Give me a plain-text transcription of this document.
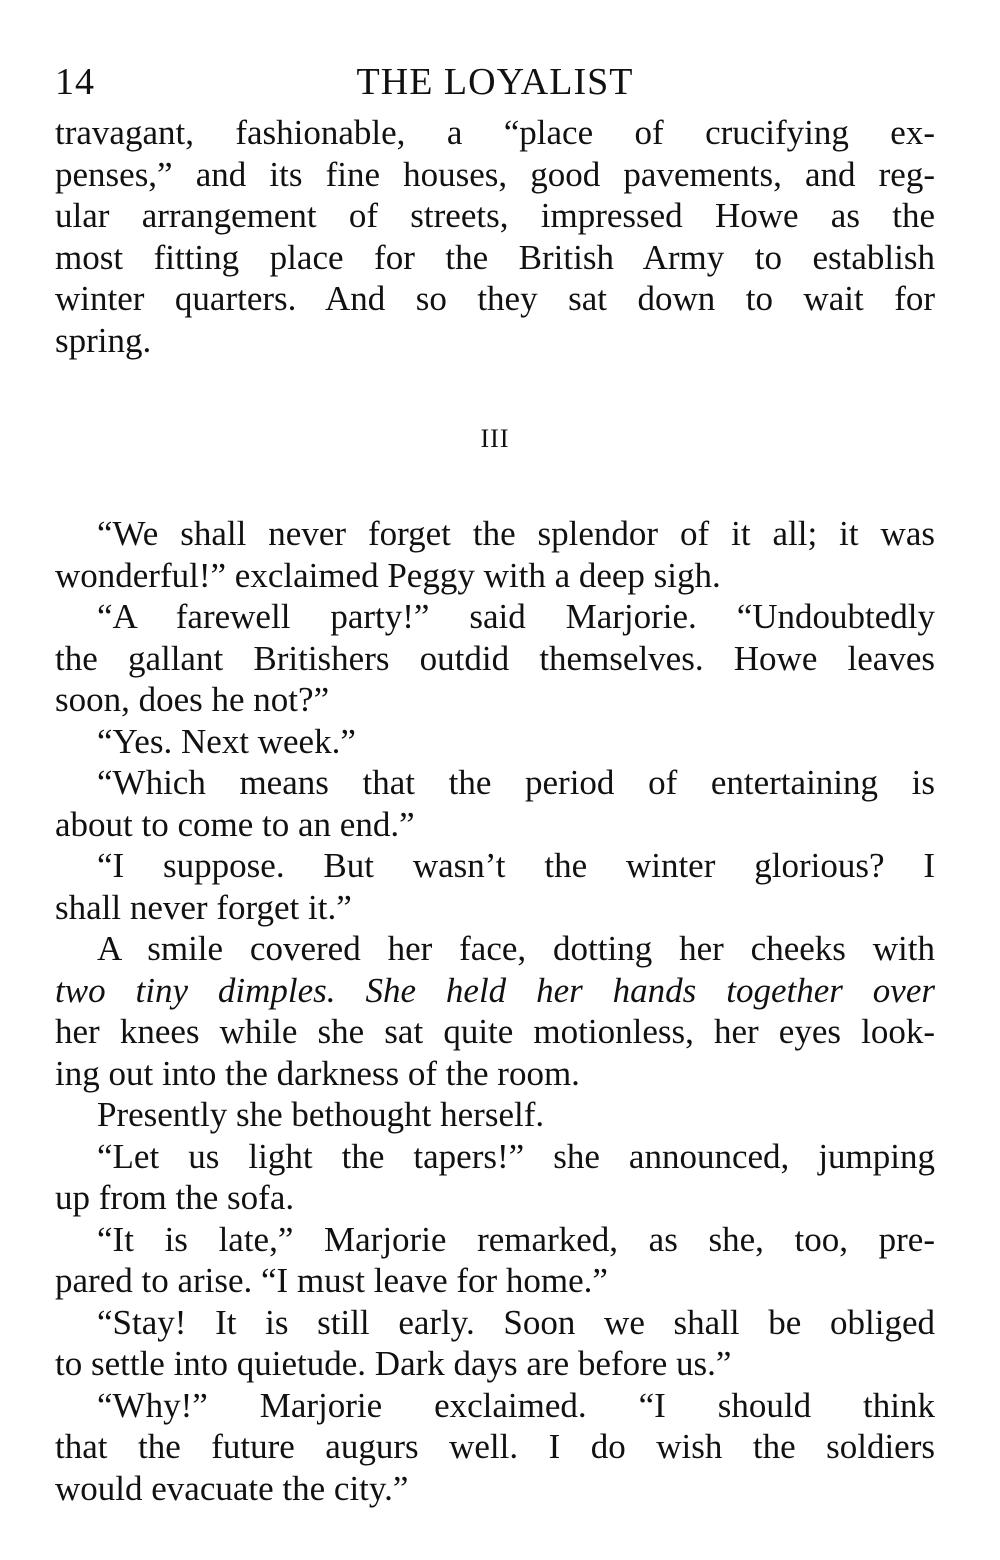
14	THE LOYALIST
travagant, fashionable, a “place of crucifying ex-
penses,” and its fine houses, good pavements, and reg-
ular arrangement of streets, impressed Howe as the
most fitting place for the British Army to establish
winter quarters. And so they sat down to wait for
spring.
III
“We shall never forget the splendor of it all; it was
wonderful!” exclaimed Peggy with a deep sigh.
“A farewell party!” said Marjorie. “Undoubtedly
the gallant Britishers outdid themselves. Howe leaves
soon, does he not?”
“Yes. Next week.”
“Which means that the period of entertaining is
about to come to an end.”
“I suppose. But wasn’t the winter glorious? I
shall never forget it.”
A smile covered her face, dotting her cheeks with
two tiny dimples. She held her hands together over
her knees while she sat quite motionless, her eyes look-
ing out into the darkness of the room.
Presently she bethought herself.
“Let us light the tapers!” she announced, jumping
up from the sofa.
“It is late,” Marjorie remarked, as she, too, pre-
pared to arise. “I must leave for home.”
“Stay! It is still early. Soon we shall be obliged
to settle into quietude. Dark days are before us.”
“Why!” Marjorie exclaimed. “I should think
that the future augurs well. I do wish the soldiers
would evacuate the city.”
